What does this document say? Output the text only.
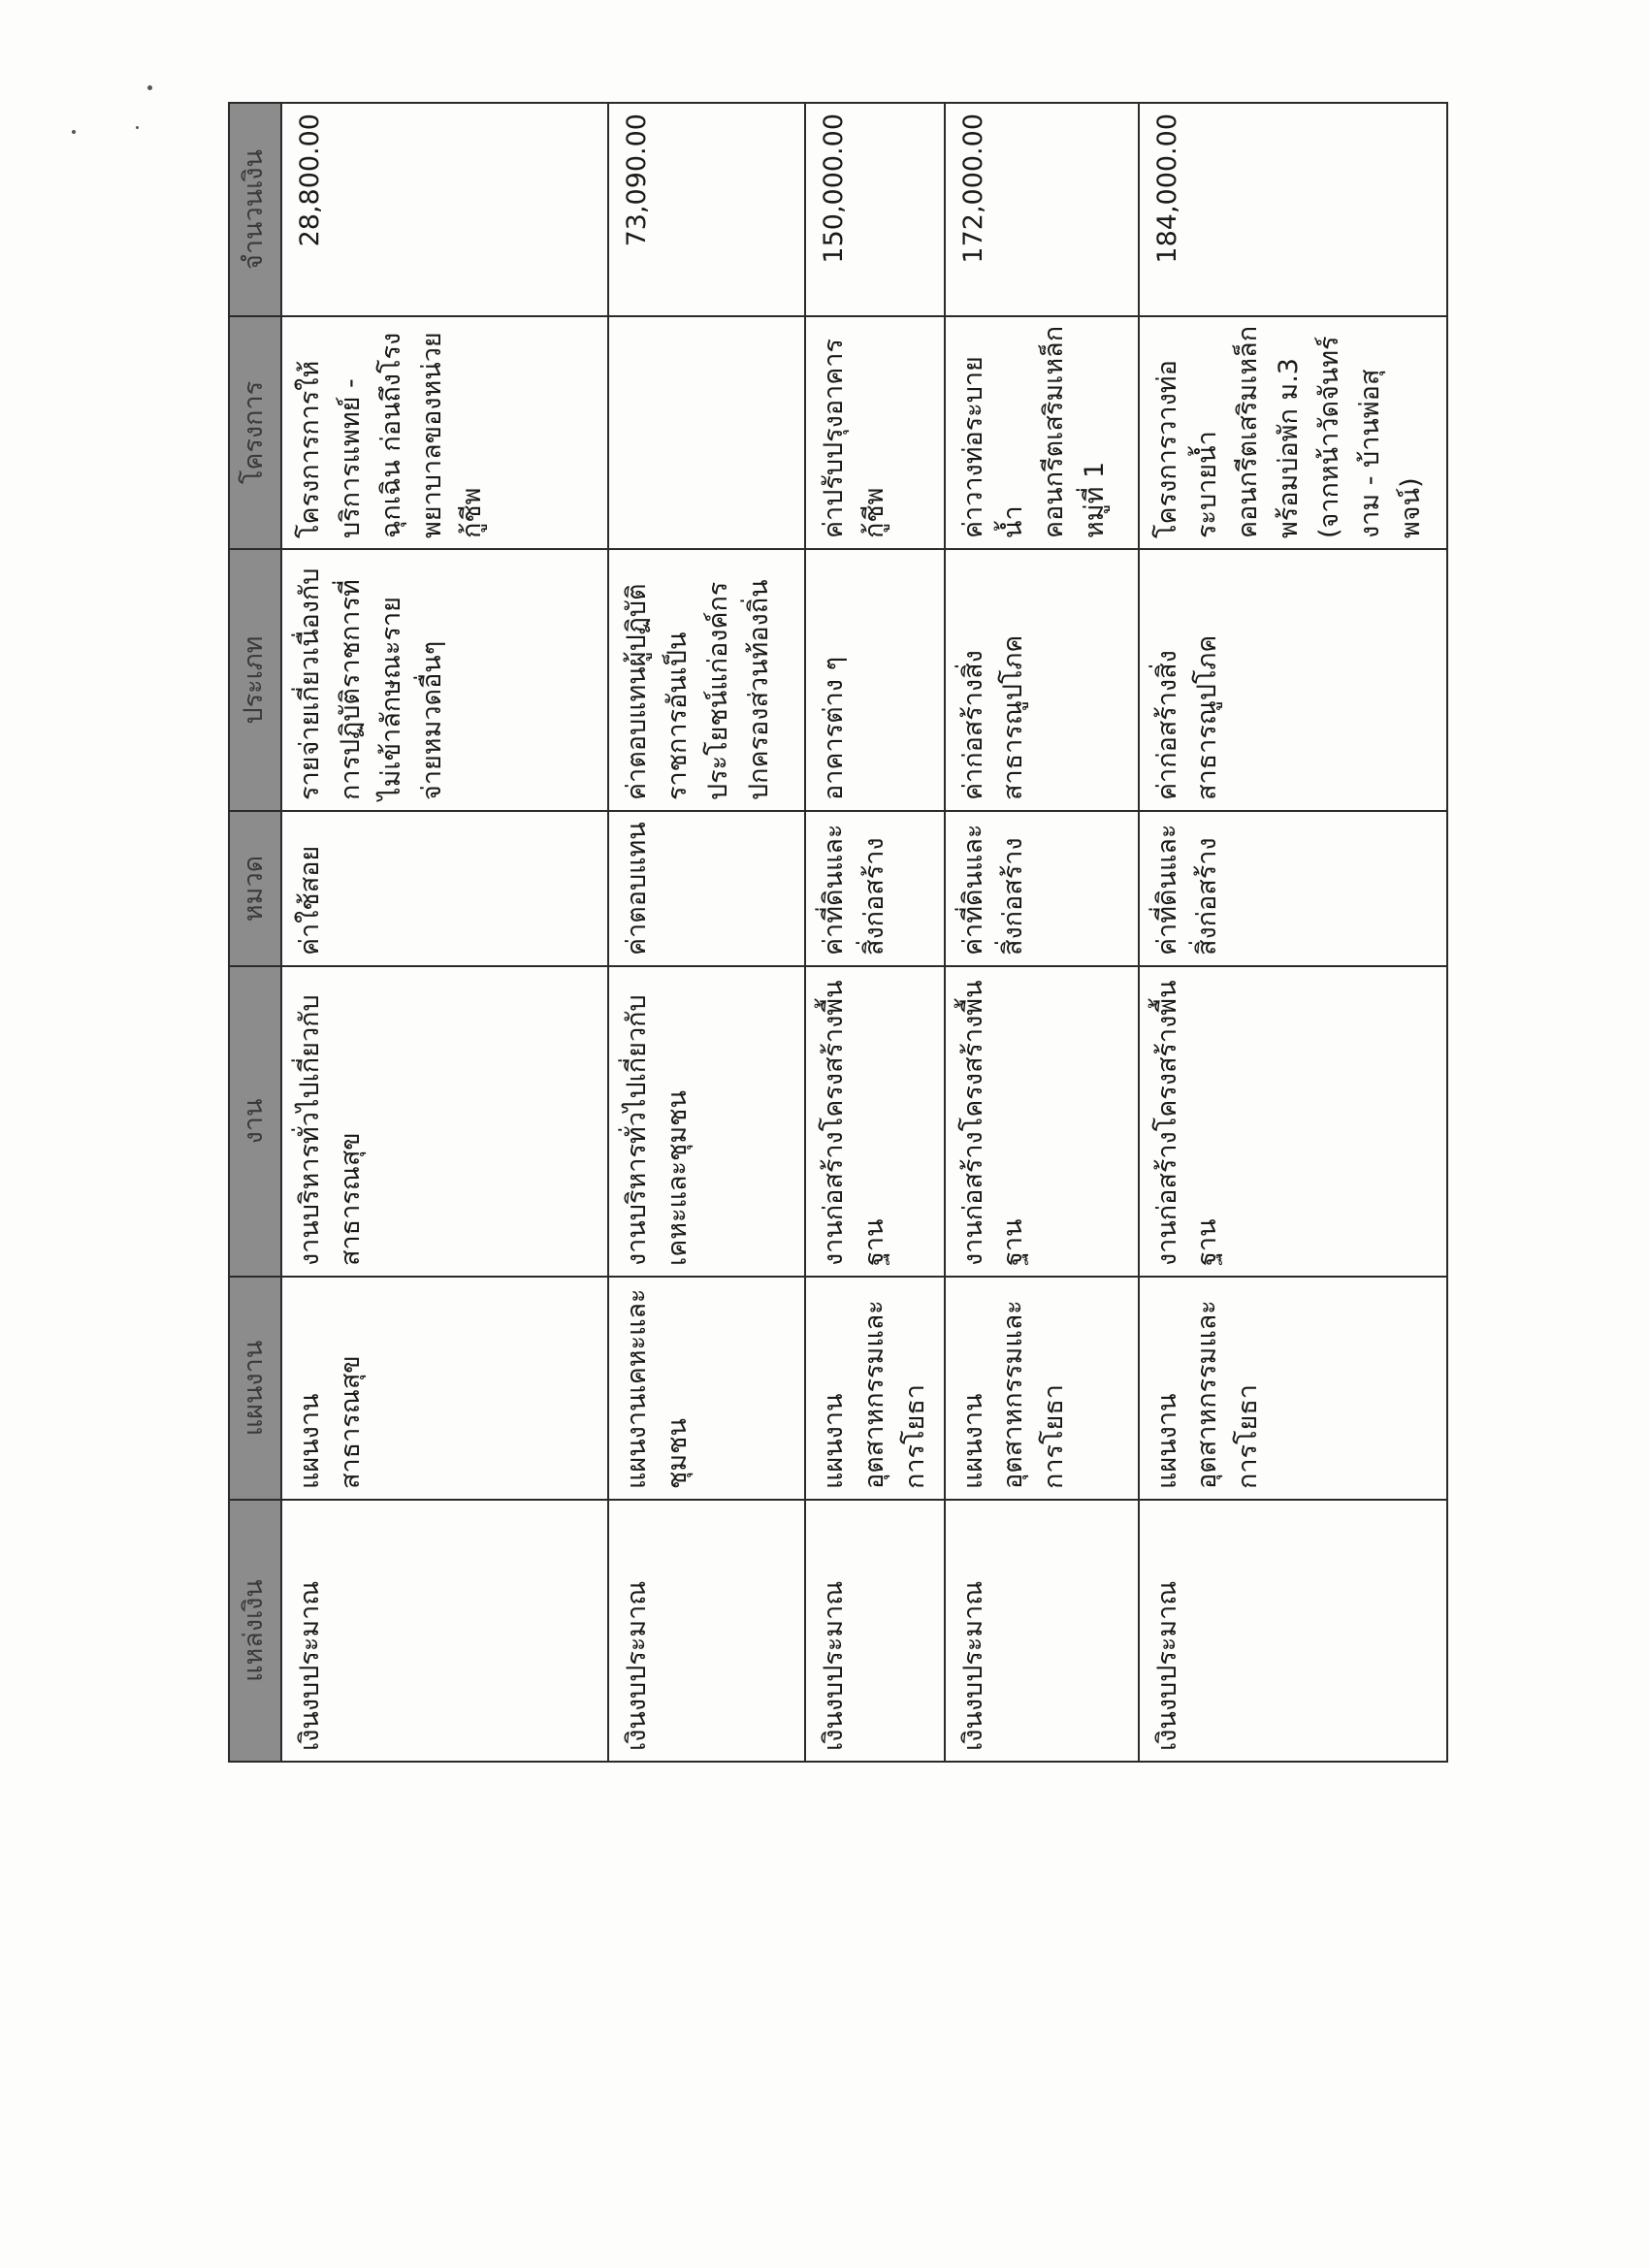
แหล่งเงิน	แผนงาน	งาน	หมวด	ประเภท	โครงการ	จำนวนเงิน
เงินงบประมาณ	แผนงานสาธารณสุข	งานบริหารทั่วไปเกี่ยวกับสาธารณสุข	ค่าใช้สอย	รายจ่ายเกี่ยวเนื่องกับการปฏิบัติราชการที่ไม่เข้าลักษณะรายจ่ายหมวดอื่นๆ	โครงการการให้บริการแพทย์ - ฉุกเฉิน ก่อนถึงโรงพยาบาลของหน่วยกู้ชีพ	28,800.00
เงินงบประมาณ	แผนงานเคหะและชุมชน	งานบริหารทั่วไปเกี่ยวกับเคหะและชุมชน	ค่าตอบแทน	ค่าตอบแทนผู้ปฏิบัติราชการอันเป็นประโยชน์แก่องค์กรปกครองส่วนท้องถิ่น		73,090.00
เงินงบประมาณ	แผนงานอุตสาหกรรมและการโยธา	งานก่อสร้างโครงสร้างพื้นฐาน	ค่าที่ดินและสิ่งก่อสร้าง	อาคารต่าง ๆ	ค่าปรับปรุงอาคารกู้ชีพ	150,000.00
เงินงบประมาณ	แผนงานอุตสาหกรรมและการโยธา	งานก่อสร้างโครงสร้างพื้นฐาน	ค่าที่ดินและสิ่งก่อสร้าง	ค่าก่อสร้างสิ่งสาธารณูปโภค	ค่าวางท่อระบายน้ำคอนกรีตเสริมเหล็กหมู่ที่ 1	172,000.00
เงินงบประมาณ	แผนงานอุตสาหกรรมและการโยธา	งานก่อสร้างโครงสร้างพื้นฐาน	ค่าที่ดินและสิ่งก่อสร้าง	ค่าก่อสร้างสิ่งสาธารณูปโภค	โครงการวางท่อระบายน้ำคอนกรีตเสริมเหล็กพร้อมบ่อพัก ม.3 (จากหน้าวัดจันทร์งาม - บ้านพ่อสุพจน์)	184,000.00
